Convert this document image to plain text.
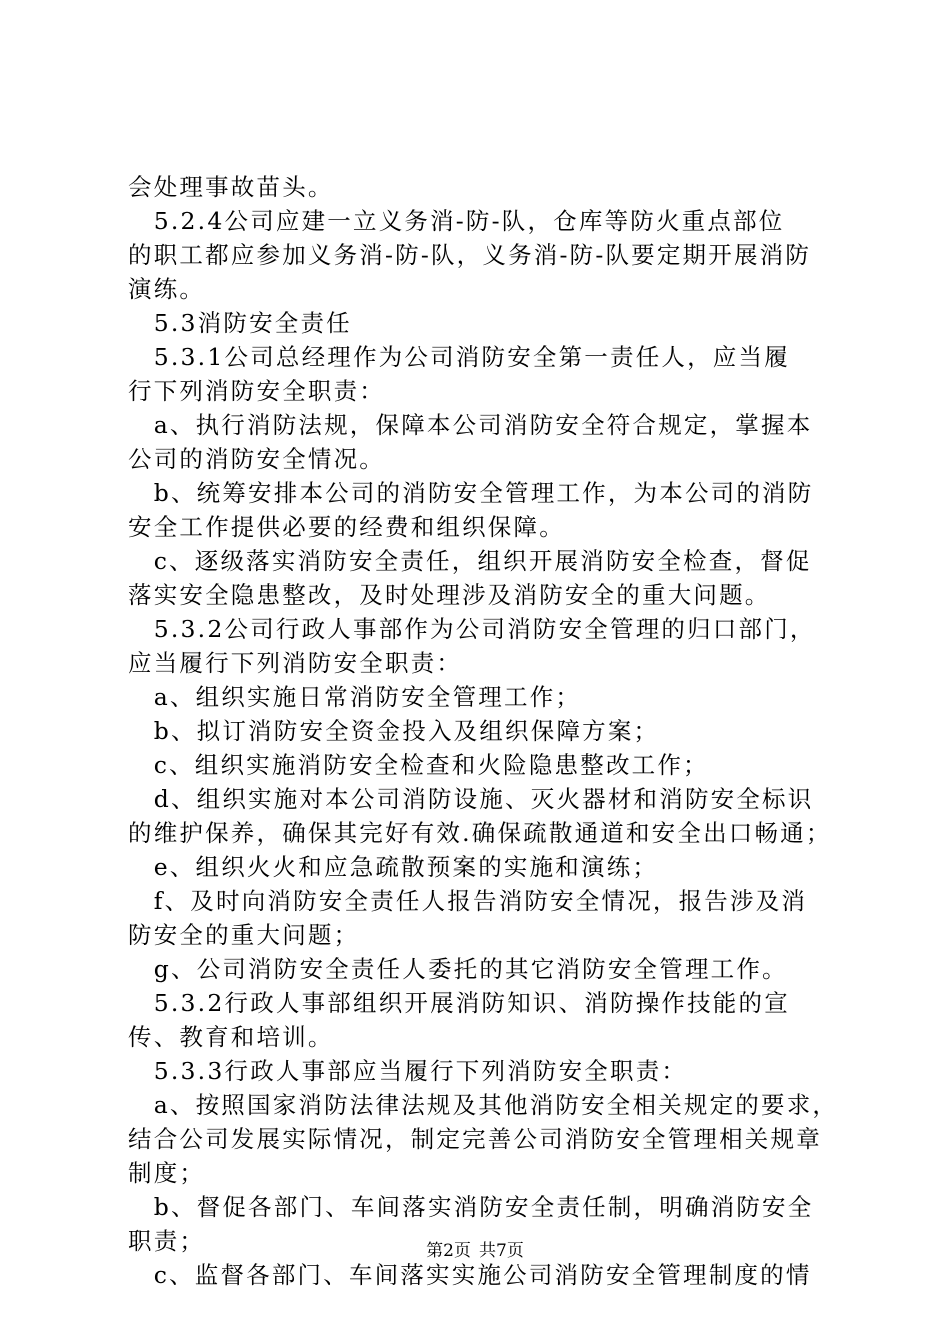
会处理事故苗头。
　5.2.4公司应建一立义务消-防-队，仓库等防火重点部位
的职工都应参加义务消-防-队，义务消-防-队要定期开展消防
演练。
　5.3消防安全责任
　5.3.1公司总经理作为公司消防安全第一责任人，应当履
行下列消防安全职责：
　a、执行消防法规，保障本公司消防安全符合规定，掌握本
公司的消防安全情况。
　b、统筹安排本公司的消防安全管理工作，为本公司的消防
安全工作提供必要的经费和组织保障。
　c、逐级落实消防安全责任，组织开展消防安全检查，督促
落实安全隐患整改，及时处理涉及消防安全的重大问题。
　5.3.2公司行政人事部作为公司消防安全管理的归口部门，
应当履行下列消防安全职责：
　a、组织实施日常消防安全管理工作；
　b、拟订消防安全资金投入及组织保障方案；
　c、组织实施消防安全检查和火险隐患整改工作；
　d、组织实施对本公司消防设施、灭火器材和消防安全标识
的维护保养，确保其完好有效.确保疏散通道和安全出口畅通；
　e、组织火火和应急疏散预案的实施和演练；
　f、及时向消防安全责任人报告消防安全情况，报告涉及消
防安全的重大问题；
　g、公司消防安全责任人委托的其它消防安全管理工作。
　5.3.2行政人事部组织开展消防知识、消防操作技能的宣
传、教育和培训。
　5.3.3行政人事部应当履行下列消防安全职责：
　a、按照国家消防法律法规及其他消防安全相关规定的要求，
结合公司发展实际情况，制定完善公司消防安全管理相关规章
制度；
　b、督促各部门、车间落实消防安全责任制，明确消防安全
职责；
　c、监督各部门、车间落实实施公司消防安全管理制度的情
第2页 共7页
